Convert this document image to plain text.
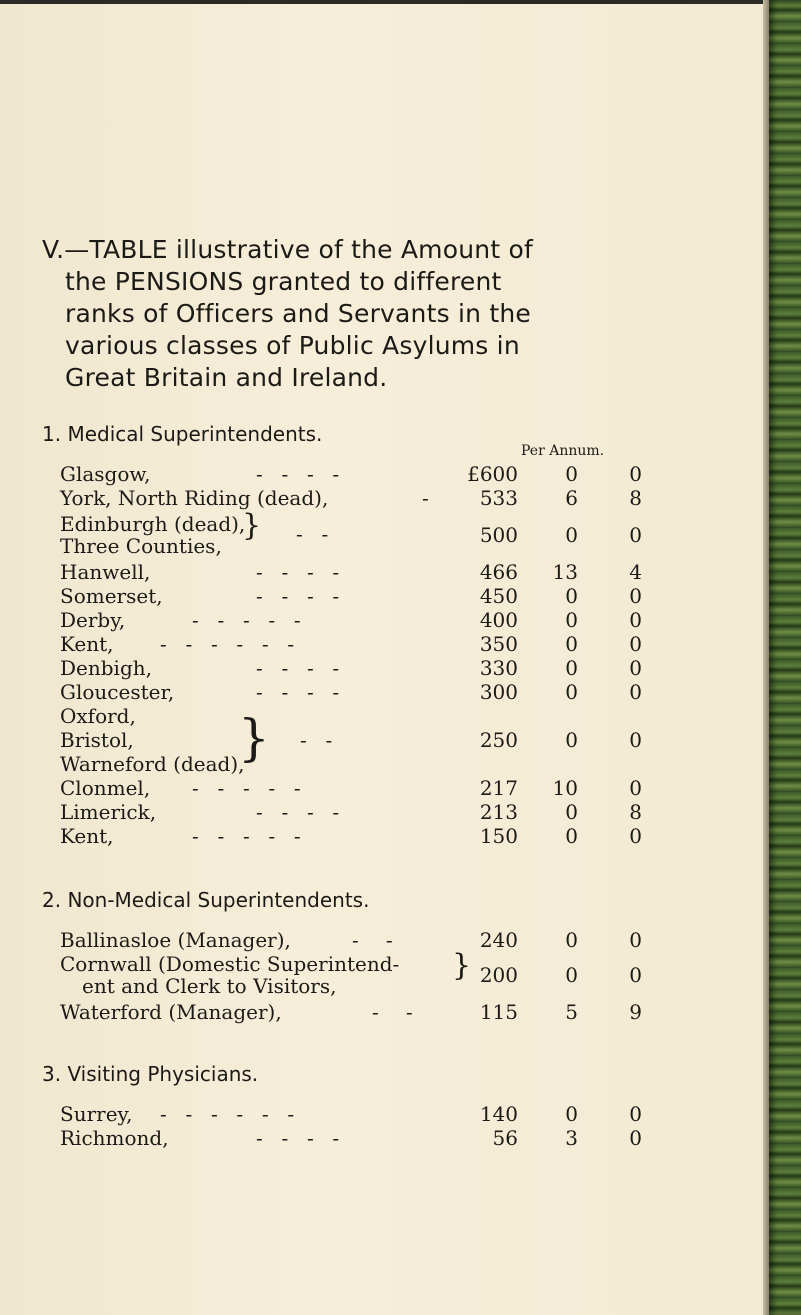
V.—TABLE illustrative of the Amount of
the PENSIONS granted to different
ranks of Officers and Servants in the
various classes of Public Asylums in
Great Britain and Ireland.
1. Medical Superintendents.
Per Annum.
Glasgow,	-  -  -  -	£600 0	0
York, North Riding (dead),	- 533 6	8
Edinburgh (dead),
Three Counties,
} -  -	500 0	0
Hanwell,	-  -  -  -	466 13	4
Somerset,	-  -  -  -	450 0	0
Derby,	-  -  -  -  -	400 0	0
Kent, -  -  -  -  -  -	350 0	0
Denbigh,	-  -  -  -	330 0	0
Gloucester,	-  -  -  -	300 0	0
Oxford,
Bristol,
Warneford (dead),
} -  -	250 0	0
Clonmel, -  -  -  -  -	217 10	0
Limerick,	-  -  -  -	213 0	8
Kent,	-  -  -  -  -	150 0	0
2. Non-Medical Superintendents.
Ballinasloe (Manager),	-   -	240 0	0
Cornwall (Domestic Superintend-
ent and Clerk to Visitors,
} 200 0	0
Waterford (Manager),	-   -	115 5	9
3. Visiting Physicians.
Surrey, -  -  -  -  -  -	140 0	0
Richmond,	-  -  -  -	56 3	0
